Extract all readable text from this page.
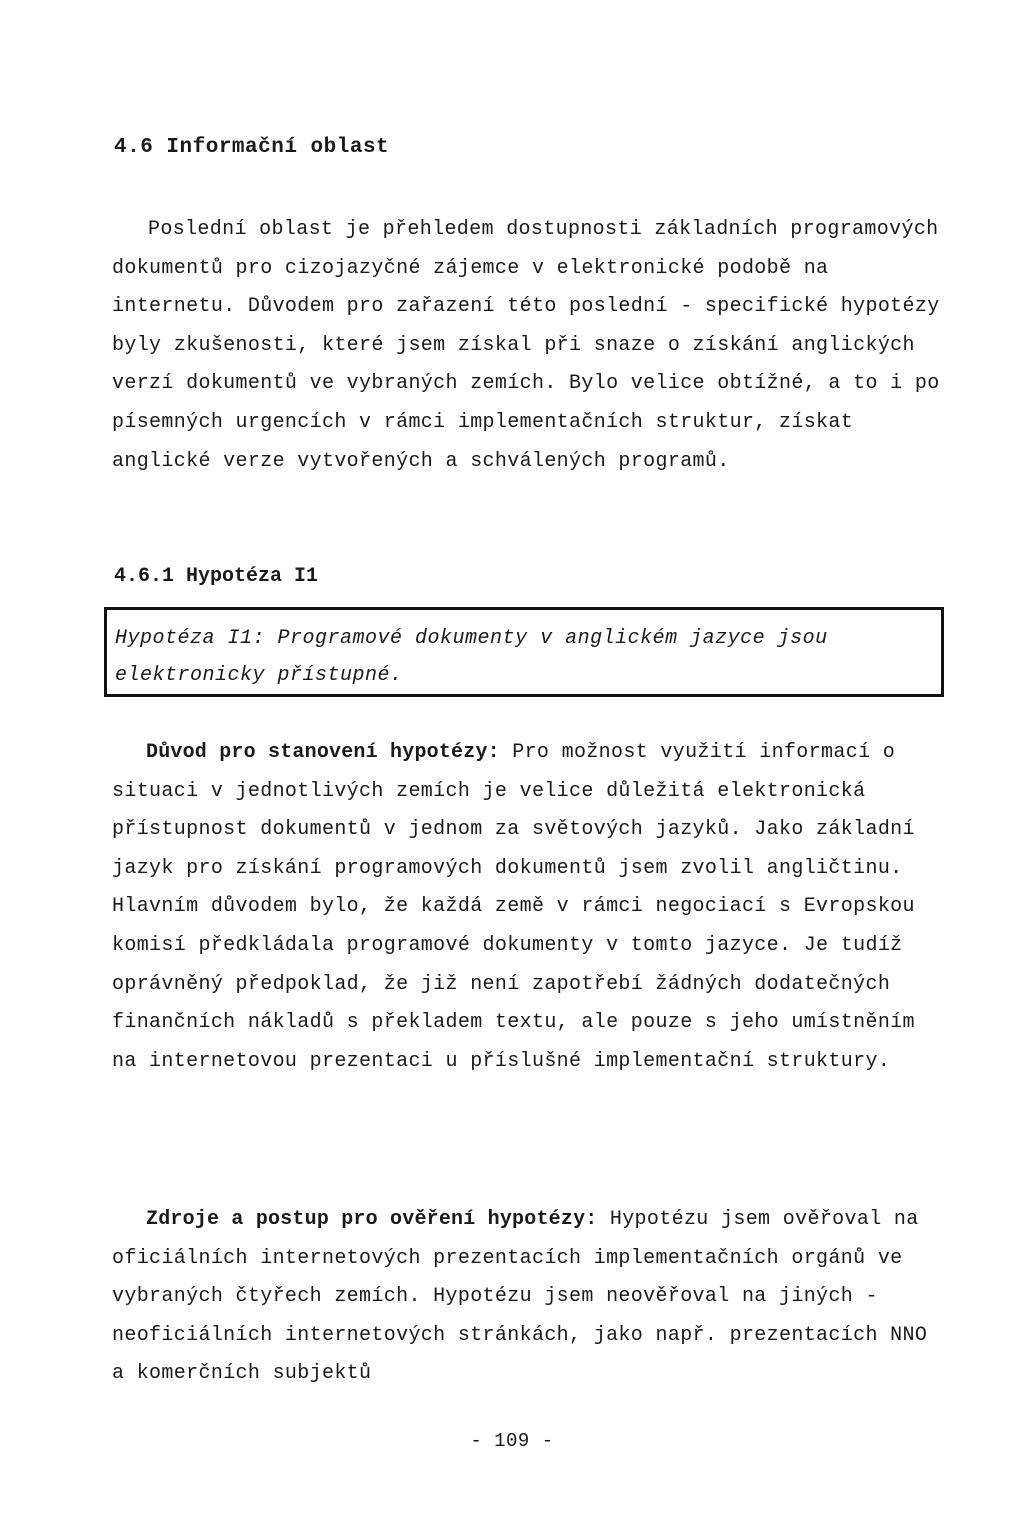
4.6 Informační oblast

Poslední oblast je přehledem dostupnosti základních programových dokumentů pro cizojazyčné zájemce v elektronické podobě na internetu. Důvodem pro zařazení této poslední - specifické hypotézy byly zkušenosti, které jsem získal při snaze o získání anglických verzí dokumentů ve vybraných zemích. Bylo velice obtížné, a to i po písemných urgencích v rámci implementačních struktur, získat anglické verze vytvořených a schválených programů.

4.6.1 Hypotéza I1

Hypotéza I1: Programové dokumenty v anglickém jazyce jsou elektronicky přístupné.

Důvod pro stanovení hypotézy: Pro možnost využití informací o situaci v jednotlivých zemích je velice důležitá elektronická přístupnost dokumentů v jednom za světových jazyků. Jako základní jazyk pro získání programových dokumentů jsem zvolil angličtinu. Hlavním důvodem bylo, že každá země v rámci negociací s Evropskou komisí předkládala programové dokumenty v tomto jazyce. Je tudíž oprávněný předpoklad, že již není zapotřebí žádných dodatečných finančních nákladů s překladem textu, ale pouze s jeho umístněním na internetovou prezentaci u příslušné implementační struktury.

Zdroje a postup pro ověření hypotézy: Hypotézu jsem ověřoval na oficiálních internetových prezentacích implementačních orgánů ve vybraných čtyřech zemích. Hypotézu jsem neověřoval na jiných - neoficiálních internetových stránkách, jako např. prezentacích NNO a komerčních subjektů

- 109 -
